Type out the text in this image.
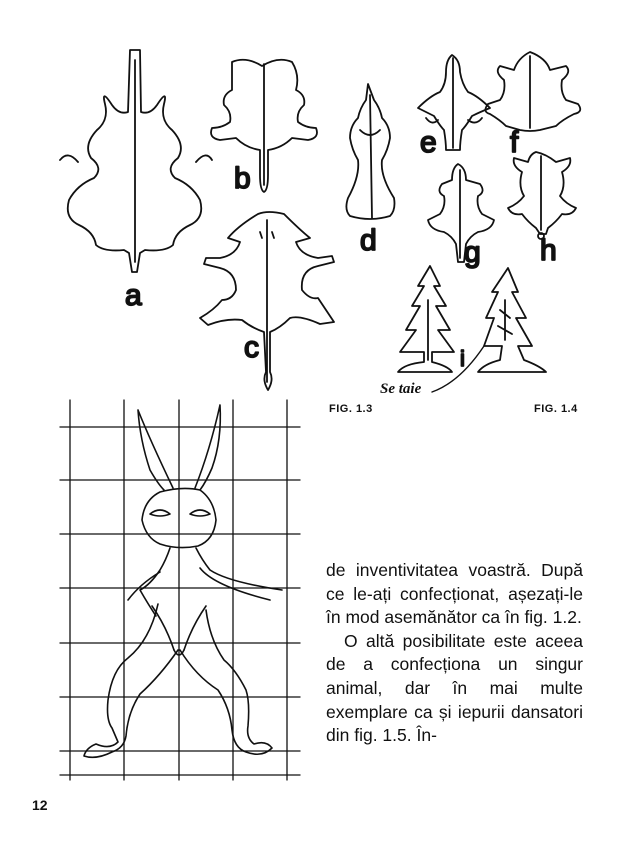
a
b
c
d
e f
g h
i
Se taie
FIG. 1.3	FIG. 1.4

de inventivitatea voastră. După ce le-ați confecționat, așezați-le în mod asemănător ca în fig. 1.2.

O altă posibilitate este aceea de a confecționa un singur animal, dar în mai multe exemplare ca și iepurii dansatori din fig. 1.5. În-

12
